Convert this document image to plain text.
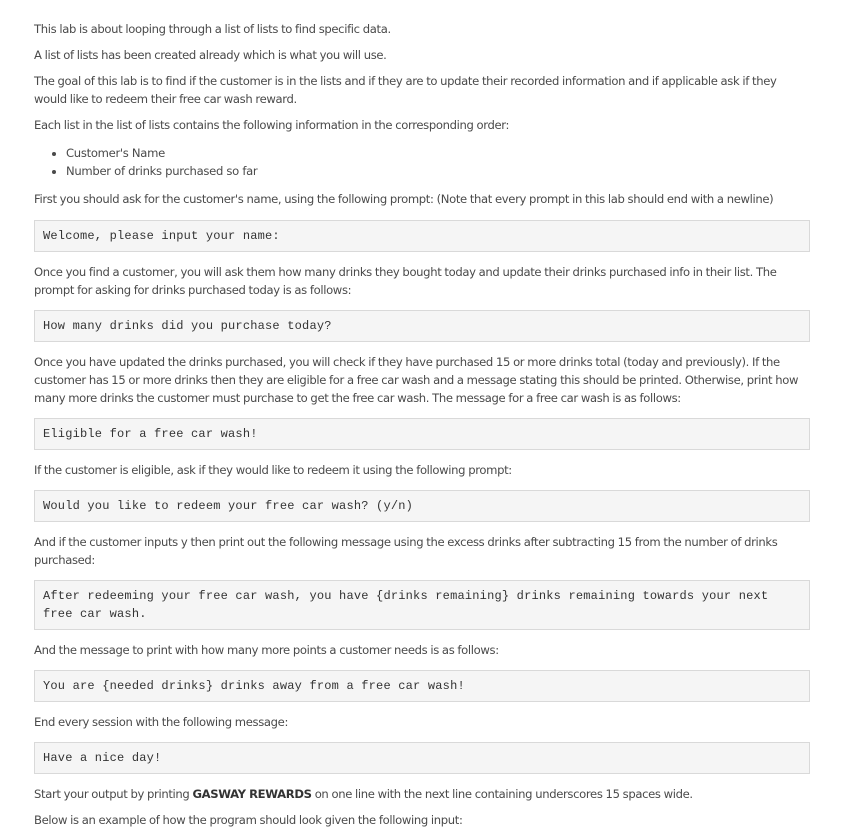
This lab is about looping through a list of lists to find specific data.

A list of lists has been created already which is what you will use.

The goal of this lab is to find if the customer is in the lists and if they are to update their recorded information and if applicable ask if they would like to redeem their free car wash reward.

Each list in the list of lists contains the following information in the corresponding order:

• Customer's Name
• Number of drinks purchased so far

First you should ask for the customer's name, using the following prompt: (Note that every prompt in this lab should end with a newline)

Welcome, please input your name:

Once you find a customer, you will ask them how many drinks they bought today and update their drinks purchased info in their list. The prompt for asking for drinks purchased today is as follows:

How many drinks did you purchase today?

Once you have updated the drinks purchased, you will check if they have purchased 15 or more drinks total (today and previously). If the customer has 15 or more drinks then they are eligible for a free car wash and a message stating this should be printed. Otherwise, print how many more drinks the customer must purchase to get the free car wash. The message for a free car wash is as follows:

Eligible for a free car wash!

If the customer is eligible, ask if they would like to redeem it using the following prompt:

Would you like to redeem your free car wash? (y/n)

And if the customer inputs y then print out the following message using the excess drinks after subtracting 15 from the number of drinks purchased:

After redeeming your free car wash, you have {drinks remaining} drinks remaining towards your next free car wash.

And the message to print with how many more points a customer needs is as follows:

You are {needed drinks} drinks away from a free car wash!

End every session with the following message:

Have a nice day!

Start your output by printing GASWAY REWARDS on one line with the next line containing underscores 15 spaces wide.

Below is an example of how the program should look given the following input:
